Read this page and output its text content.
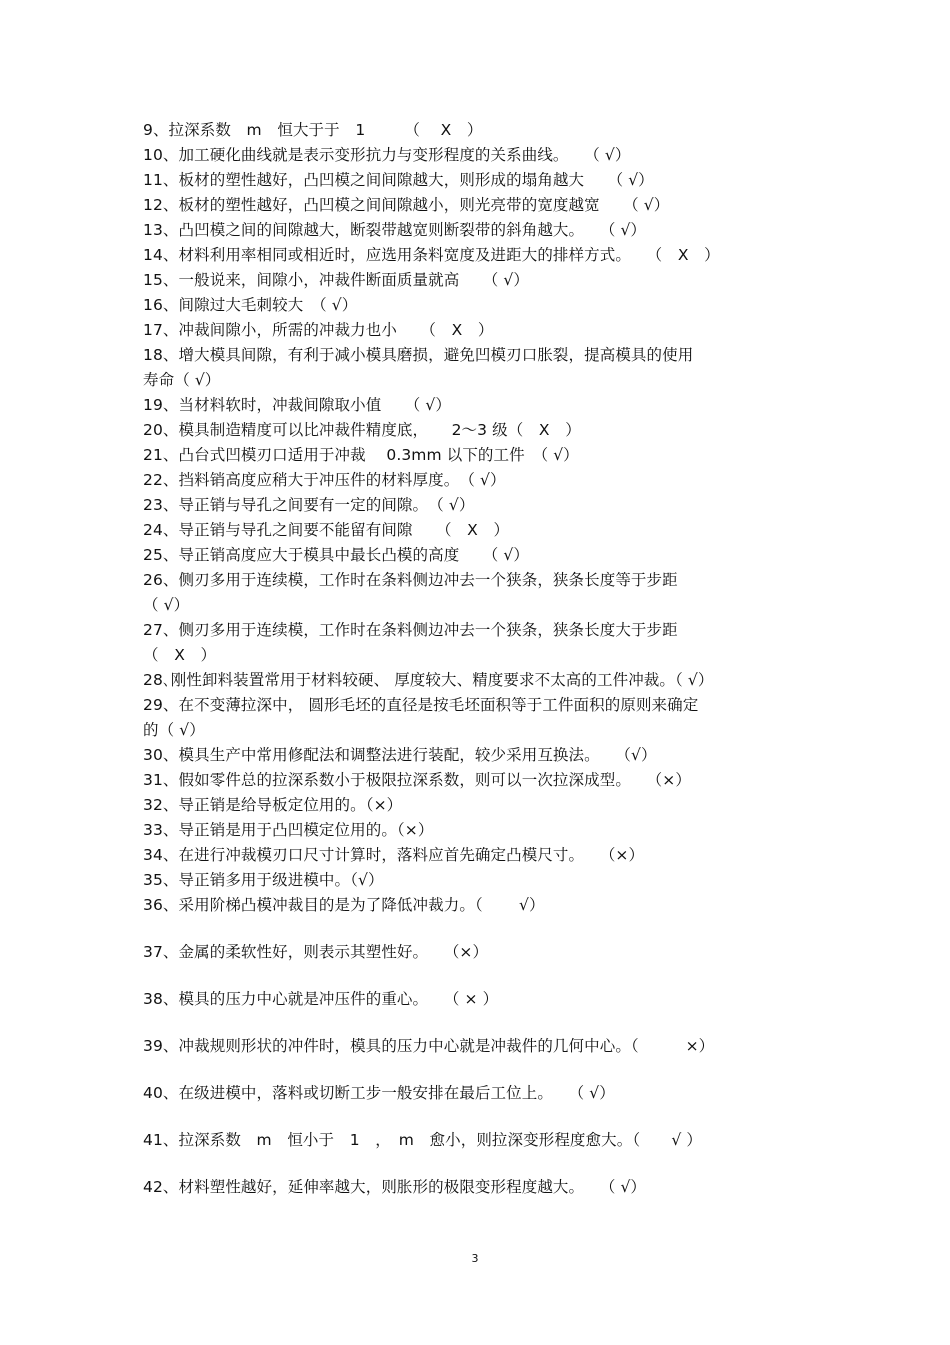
9、拉深系数　m　恒大于于　1　　　（　 X　）
10、加工硬化曲线就是表示变形抗力与变形程度的关系曲线。　　（ √）
11、板材的塑性越好，凸凹模之间间隙越大，则形成的塌角越大　　（ √）
12、板材的塑性越好，凸凹模之间间隙越小，则光亮带的宽度越宽　　（ √）
13、凸凹模之间的间隙越大，断裂带越宽则断裂带的斜角越大。　　（ √）
14、材料利用率相同或相近时，应选用条料宽度及进距大的排样方式。　　（　X　）
15、一般说来，间隙小，冲裁件断面质量就高　　（ √）
16、间隙过大毛刺较大　（ √）
17、冲裁间隙小，所需的冲裁力也小　　（　X　）
18、增大模具间隙，有利于减小模具磨损，避免凹模刃口胀裂，提高模具的使用
寿命（ √）
19、当材料软时，冲裁间隙取小值　　（ √）
20、模具制造精度可以比冲裁件精度底，　　2～3 级（　X　）
21、凸台式凹模刃口适用于冲裁　 0.3mm 以下的工件　（ √）
22、挡料销高度应稍大于冲压件的材料厚度。　（ √）
23、导正销与导孔之间要有一定的间隙。　（ √）
24、导正销与导孔之间要不能留有间隙　　（　X　）
25、导正销高度应大于模具中最长凸模的高度　　（ √）
26、侧刃多用于连续模，工作时在条料侧边冲去一个狭条，狭条长度等于步距
（ √）
27、侧刃多用于连续模，工作时在条料侧边冲去一个狭条，狭条长度大于步距
（　X　）
28､刚性卸料装置常用于材料较硬、 厚度较大、精度要求不太高的工件冲裁。（ √）
29、在不变薄拉深中， 圆形毛坯的直径是按毛坯面积等于工件面积的原则来确定
的（ √）
30、模具生产中常用修配法和调整法进行装配，较少采用互换法。　　（√）
31、假如零件总的拉深系数小于极限拉深系数，则可以一次拉深成型。　　（×）
32、导正销是给导板定位用的。（×）
33、导正销是用于凸凹模定位用的。（×）
34、在进行冲裁模刃口尺寸计算时，落料应首先确定凸模尺寸。　　（×）
35、导正销多用于级进模中。（√）
36、采用阶梯凸模冲裁目的是为了降低冲裁力。（　　 √）
37、金属的柔软性好，则表示其塑性好。　　（×）
38、模具的压力中心就是冲压件的重心。　　（ × ）
39、冲裁规则形状的冲件时，模具的压力中心就是冲裁件的几何中心。（　　　×）
40、在级进模中，落料或切断工步一般安排在最后工位上。　　（ √）
41、拉深系数　m　恒小于　1　，　m　愈小，则拉深变形程度愈大。（　　√ ）
42、材料塑性越好，延伸率越大，则胀形的极限变形程度越大。　　（ √）
3
